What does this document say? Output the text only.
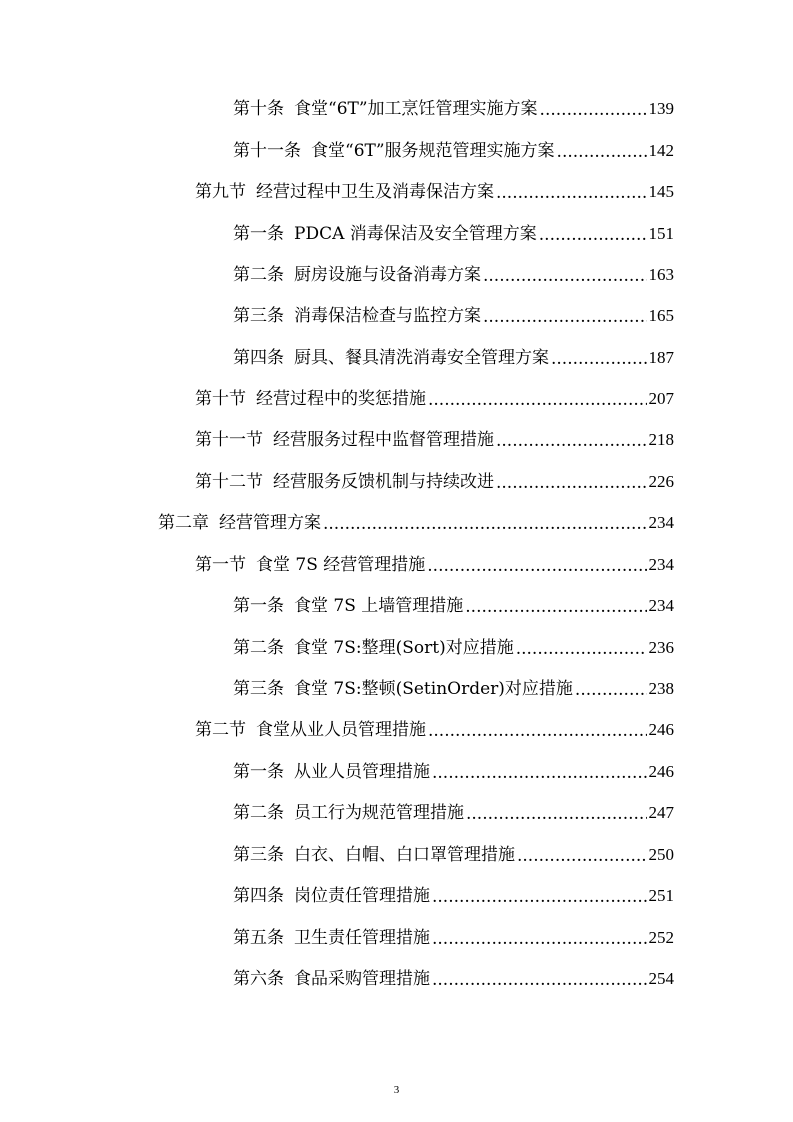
第十条 食堂“6T”加工烹饪管理实施方案 .....	139
第十一条 食堂“6T”服务规范管理实施方案 .....	142
第九节 经营过程中卫生及消毒保洁方案 .....	145
第一条 PDCA 消毒保洁及安全管理方案 .....	151
第二条 厨房设施与设备消毒方案 .....	163
第三条 消毒保洁检查与监控方案 .....	165
第四条 厨具、餐具清洗消毒安全管理方案 .....	187
第十节 经营过程中的奖惩措施 .....	207
第十一节 经营服务过程中监督管理措施 .....	218
第十二节 经营服务反馈机制与持续改进 .....	226
第二章 经营管理方案 .....	234
第一节 食堂 7S 经营管理措施 .....	234
第一条 食堂 7S 上墙管理措施 .....	234
第二条 食堂 7S:整理(Sort)对应措施 .....	236
第三条 食堂 7S:整顿(SetinOrder)对应措施 .....	238
第二节 食堂从业人员管理措施 .....	246
第一条 从业人员管理措施 .....	246
第二条 员工行为规范管理措施 .....	247
第三条 白衣、白帽、白口罩管理措施 .....	250
第四条 岗位责任管理措施 .....	251
第五条 卫生责任管理措施 .....	252
第六条 食品采购管理措施 .....	254
3
